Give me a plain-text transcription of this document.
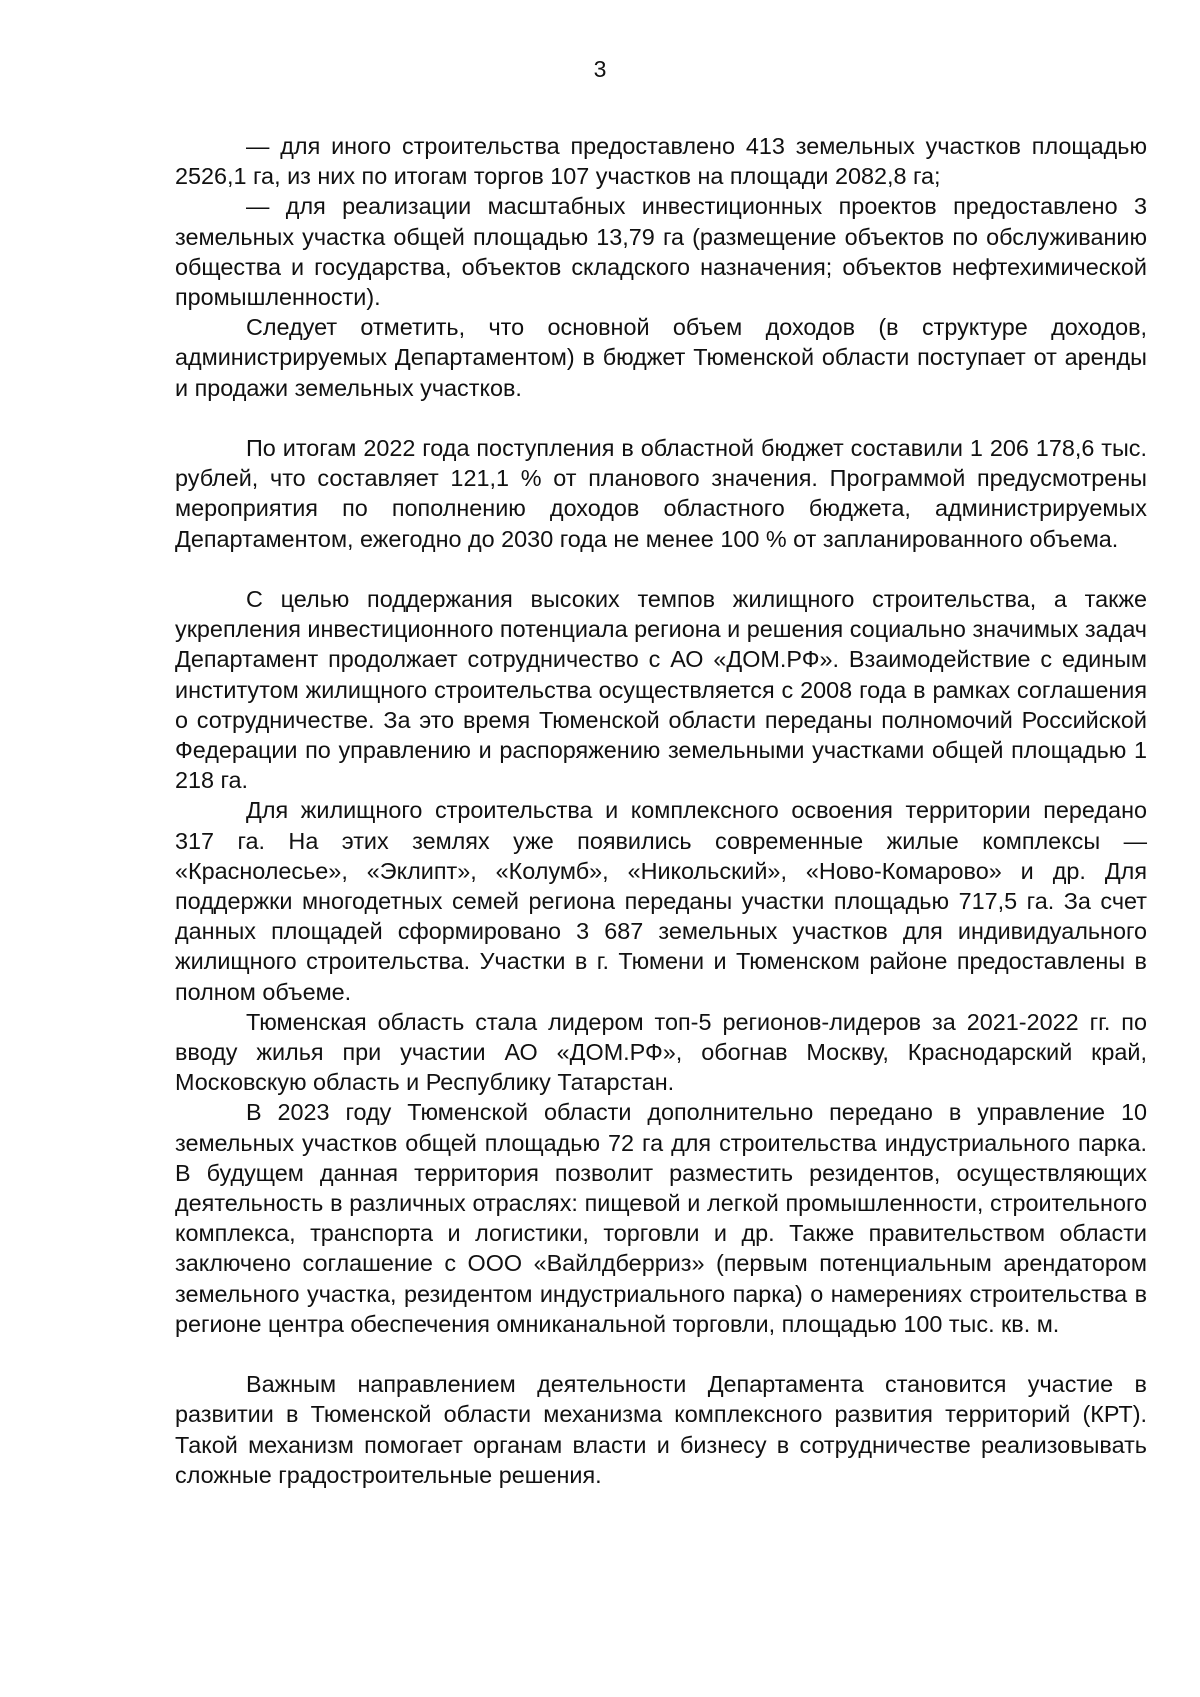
3

— для иного строительства предоставлено 413 земельных участков площадью 2526,1 га, из них по итогам торгов 107 участков на площади 2082,8 га;

— для реализации масштабных инвестиционных проектов предоставлено 3 земельных участка общей площадью 13,79 га (размещение объектов по обслуживанию общества и государства, объектов складского назначения; объектов нефтехимической промышленности).

Следует отметить, что основной объем доходов (в структуре доходов, администрируемых Департаментом) в бюджет Тюменской области поступает от аренды и продажи земельных участков.

По итогам 2022 года поступления в областной бюджет составили 1 206 178,6 тыс. рублей, что составляет 121,1 % от планового значения. Программой предусмотрены мероприятия по пополнению доходов областного бюджета, администрируемых Департаментом, ежегодно до 2030 года не менее 100 % от запланированного объема.

С целью поддержания высоких темпов жилищного строительства, а также укрепления инвестиционного потенциала региона и решения социально значимых задач Департамент продолжает сотрудничество с АО «ДОМ.РФ». Взаимодействие с единым институтом жилищного строительства осуществляется с 2008 года в рамках соглашения о сотрудничестве. За это время Тюменской области переданы полномочий Российской Федерации по управлению и распоряжению земельными участками общей площадью 1 218 га.

Для жилищного строительства и комплексного освоения территории передано 317 га. На этих землях уже появились современные жилые комплексы — «Краснолесье», «Эклипт», «Колумб», «Никольский», «Ново-Комарово» и др. Для поддержки многодетных семей региона переданы участки площадью 717,5 га. За счет данных площадей сформировано 3 687 земельных участков для индивидуального жилищного строительства. Участки в г. Тюмени и Тюменском районе предоставлены в полном объеме.

Тюменская область стала лидером топ-5 регионов-лидеров за 2021-2022 гг. по вводу жилья при участии АО «ДОМ.РФ», обогнав Москву, Краснодарский край, Московскую область и Республику Татарстан.

В 2023 году Тюменской области дополнительно передано в управление 10 земельных участков общей площадью 72 га для строительства индустриального парка. В будущем данная территория позволит разместить резидентов, осуществляющих деятельность в различных отраслях: пищевой и легкой промышленности, строительного комплекса, транспорта и логистики, торговли и др. Также правительством области заключено соглашение с ООО «Вайлдберриз» (первым потенциальным арендатором земельного участка, резидентом индустриального парка) о намерениях строительства в регионе центра обеспечения омниканальной торговли, площадью 100 тыс. кв. м.

Важным направлением деятельности Департамента становится участие в развитии в Тюменской области механизма комплексного развития территорий (КРТ). Такой механизм помогает органам власти и бизнесу в сотрудничестве реализовывать сложные градостроительные решения.
